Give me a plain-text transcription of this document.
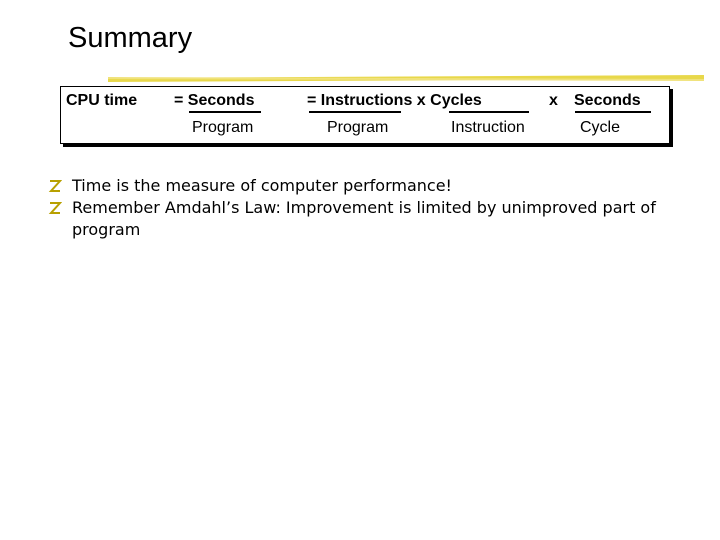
Summary
CPU time = Seconds
Program
= Instructions x Cycles
Program	Instruction
x Seconds
Cycle
Time is the measure of computer performance!
Remember Amdahl’s Law: Improvement is limited by unimproved part of program
